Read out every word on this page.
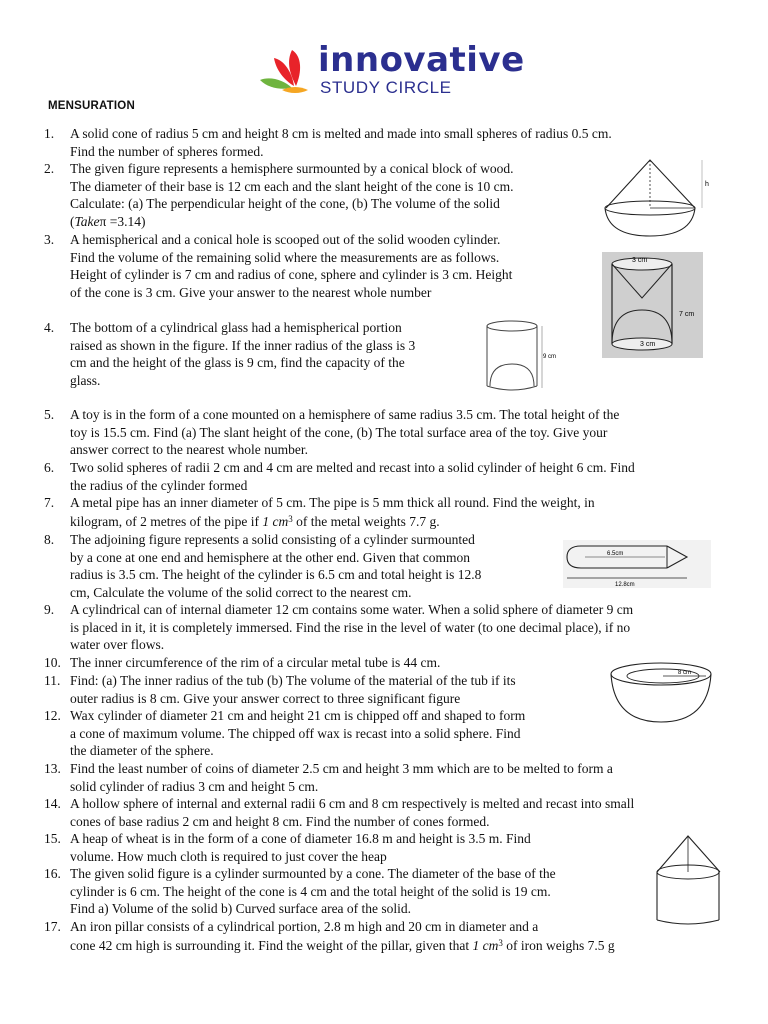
innovative
STUDY CIRCLE
MENSURATION
1.	A solid cone of radius 5 cm and height 8 cm is melted and made into small spheres of radius 0.5 cm.
Find the number of spheres formed.
2.	The given figure represents a hemisphere surmounted by a conical block of wood.
The diameter of their base is 12 cm each and the slant height of the cone is 10 cm.
Calculate: (a) The perpendicular height of the cone, (b) The volume of the solid
(Takeπ =3.14)
3.	A hemispherical and a conical hole is scooped out of the solid wooden cylinder.
Find the volume of the remaining solid where the measurements are as follows.
Height of cylinder is 7 cm and radius of cone, sphere and cylinder is 3 cm. Height
of the cone is 3 cm. Give your answer to the nearest whole number
4.	The bottom of a cylindrical glass had a hemispherical portion
raised as shown in the figure. If the inner radius of the glass is 3
cm and the height of the glass is 9 cm, find the capacity of the
glass.
5.	A toy is in the form of a cone mounted on a hemisphere of same radius 3.5 cm. The total height of the
toy is 15.5 cm. Find (a) The slant height of the cone, (b) The total surface area of the toy. Give your
answer correct to the nearest whole number.
6.	Two solid spheres of radii 2 cm and 4 cm are melted and recast into a solid cylinder of height 6 cm. Find
the radius of the cylinder formed
7.	A metal pipe has an inner diameter of 5 cm. The pipe is 5 mm thick all round. Find the weight, in
kilogram, of 2 metres of the pipe if 1 $cm^3$ of the metal weights 7.7 g.
8.	The adjoining figure represents a solid consisting of a cylinder surmounted
by a cone at one end and hemisphere at the other end. Given that common
radius is 3.5 cm. The height of the cylinder is 6.5 cm and total height is 12.8
cm, Calculate the volume of the solid correct to the nearest cm.
9.	A cylindrical can of internal diameter 12 cm contains some water. When a solid sphere of diameter 9 cm
is placed in it, it is completely immersed. Find the rise in the level of water (to one decimal place), if no
water over flows.
10. The inner circumference of the rim of a circular metal tube is 44 cm.
11. Find: (a) The inner radius of the tub (b) The volume of the material of the tub if its
outer radius is 8 cm. Give your answer correct to three significant figure
12. Wax cylinder of diameter 21 cm and height 21 cm is chipped off and shaped to form
a cone of maximum volume. The chipped off wax is recast into a solid sphere. Find
the diameter of the sphere.
13. Find the least number of coins of diameter 2.5 cm and height 3 mm which are to be melted to form a
solid cylinder of radius 3 cm and height 5 cm.
14. A hollow sphere of internal and external radii 6 cm and 8 cm respectively is melted and recast into small
cones of base radius 2 cm and height 8 cm. Find the number of cones formed.
15. A heap of wheat is in the form of a cone of diameter 16.8 m and height is 3.5 m. Find
volume. How much cloth is required to just cover the heap
16. The given solid figure is a cylinder surmounted by a cone. The diameter of the base of the
cylinder is 6 cm. The height of the cone is 4 cm and the total height of the solid is 19 cm.
Find a) Volume of the solid b) Curved surface area of the solid.
17. An iron pillar consists of a cylindrical portion, 2.8 m high and 20 cm in diameter and a
cone 42 cm high is surrounding it. Find the weight of the pillar, given that 1 $cm^3$ of iron weighs 7.5 g
h
3 cm
7 cm
3 cm
9 cm
6.5cm
12.8cm
8 cm
